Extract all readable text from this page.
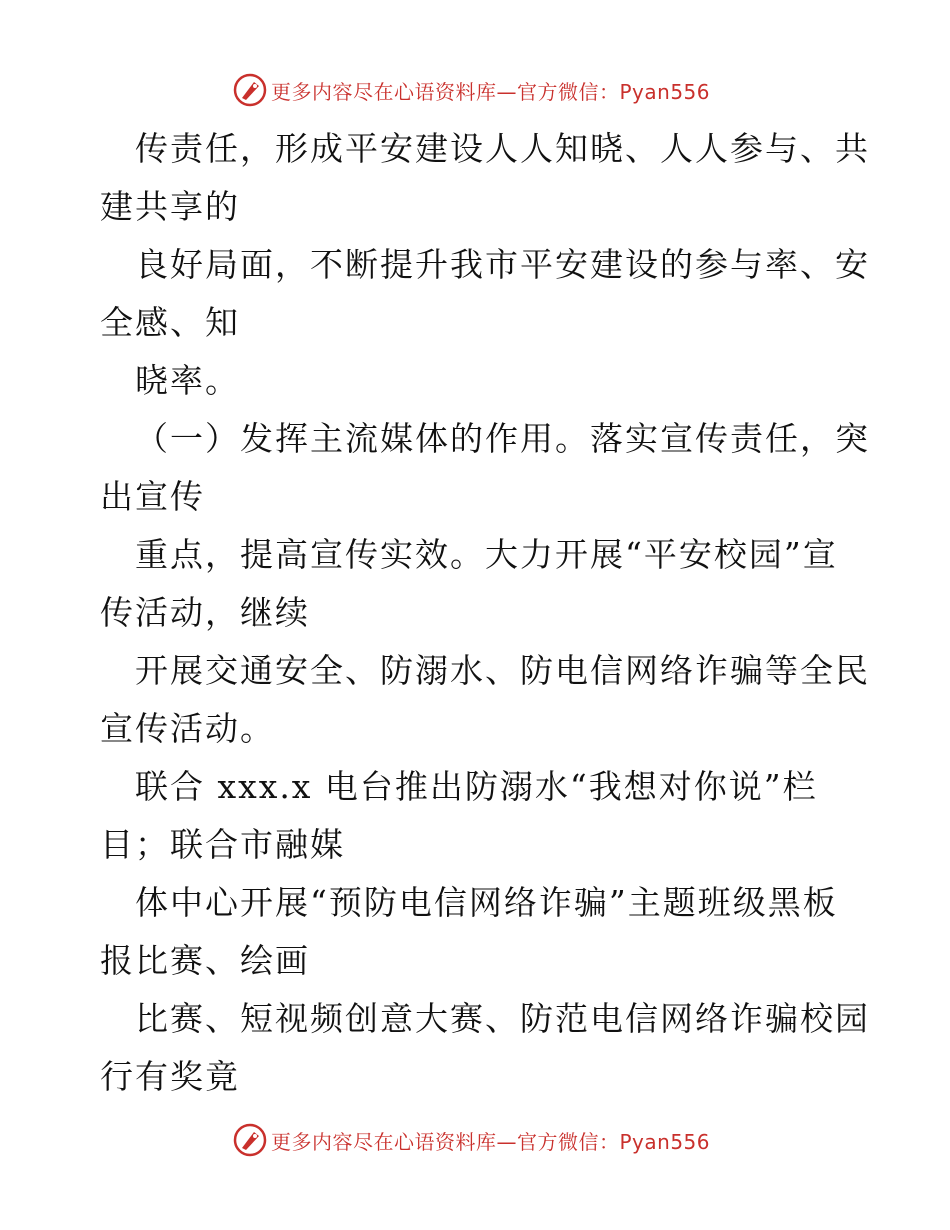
更多内容尽在心语资料库—官方微信：Pyan556
传责任，形成平安建设人人知晓、人人参与、共
建共享的
良好局面，不断提升我市平安建设的参与率、安
全感、知
晓率。
（一）发挥主流媒体的作用。落实宣传责任，突
出宣传
重点，提高宣传实效。大力开展“平安校园”宣
传活动，继续
开展交通安全、防溺水、防电信网络诈骗等全民
宣传活动。
联合 xxx.x 电台推出防溺水“我想对你说”栏
目；联合市融媒
体中心开展“预防电信网络诈骗”主题班级黑板
报比赛、绘画
比赛、短视频创意大赛、防范电信网络诈骗校园
行有奖竟
更多内容尽在心语资料库—官方微信：Pyan556
